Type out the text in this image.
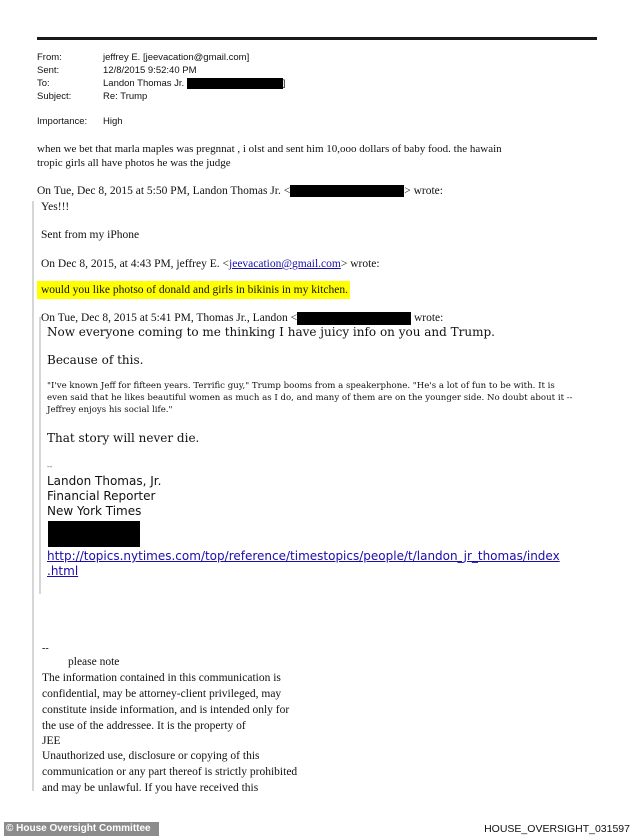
From:	jeffrey E. [jeevacation@gmail.com]
Sent:	12/8/2015 9:52:40 PM
To:	Landon Thomas Jr.	]
Subject:	Re: Trump
Importance: High
when we bet that marla maples was pregnnat , i olst and sent him 10,ooo dollars of baby food. the hawain
tropic girls all have photos he was the judge
On Tue, Dec 8, 2015 at 5:50 PM, Landon Thomas Jr. <	> wrote:
Yes!!!
Sent from my iPhone
On Dec 8, 2015, at 4:43 PM, jeffrey E. <jeevacation@gmail.com> wrote:
would you like photso of donald and girls in bikinis in my kitchen.
On Tue, Dec 8, 2015 at 5:41 PM, Thomas Jr., Landon <	wrote:
Now everyone coming to me thinking I have juicy info on you and Trump.
Because of this.
"I've known Jeff for fifteen years. Terrific guy," Trump booms from a speakerphone. "He's a lot of fun to be with. It is
even said that he likes beautiful women as much as I do, and many of them are on the younger side. No doubt about it --
Jeffrey enjoys his social life."
That story will never die.
--
Landon Thomas, Jr.
Financial Reporter
New York Times
http://topics.nytimes.com/top/reference/timestopics/people/t/landon_jr_thomas/index
.html
--
please note
The information contained in this communication is
confidential, may be attorney-client privileged, may
constitute inside information, and is intended only for
the use of the addressee. It is the property of
JEE
Unauthorized use, disclosure or copying of this
communication or any part thereof is strictly prohibited
and may be unlawful. If you have received this
© House Oversight Committee	HOUSE_OVERSIGHT_031597
